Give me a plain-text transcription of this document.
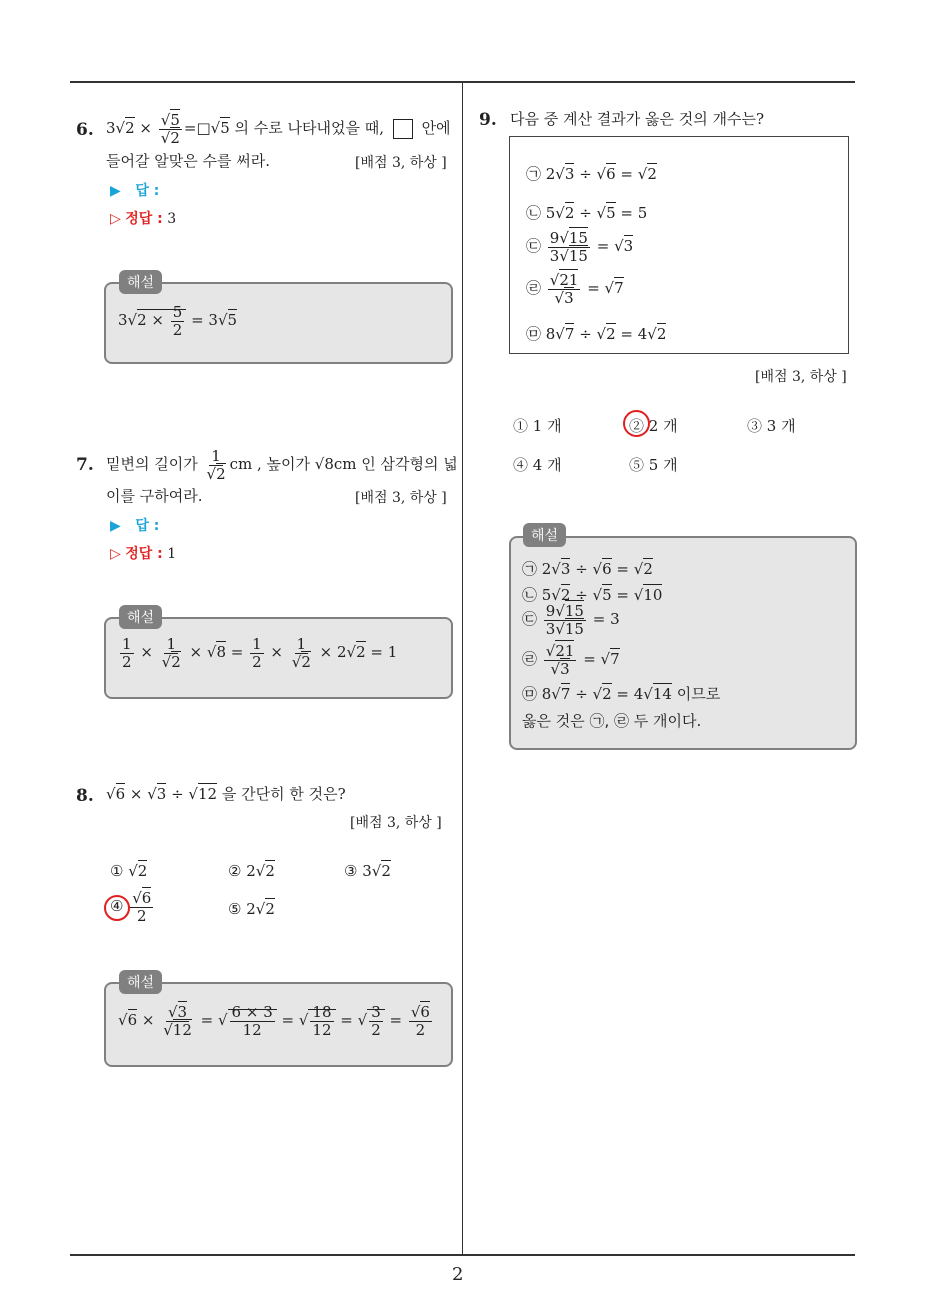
2
6. $3√2 \times \frac{√5}{√2}$ =□√5 의 수로 나타내었을 때,	안에
들어갈 알맞은 수를 써라.	[배점 3, 하상 ]
▶   답 :
▷ 정답 : 3
해설
$3√2 \times \frac{5}{2} = 3√5$
7. 밑변의 길이가 $\frac{1}{√2}$ cm , 높이가 √8cm 인 삼각형의 넓
이를 구하여라.	[배점 3, 하상 ]
▶   답 :
▷ 정답 : 1
해설
$\frac{1}{2} \times \frac{1}{√2} \times √8 = \frac{1}{2} \times \frac{1}{√2} \times 2√2 = 1$
8. √6 × √3 ÷ √12 을 간단히 한 것은?
[배점 3, 하상 ]
① √2	② 2√2	③ 3√2
④ $\frac{√6}{2}$	⑤ 2√2
해설
$√6 \times \frac{√3}{√12}$ = √ $\frac{6 \times 3}{12}$ = √ $\frac{18}{12}$ = √ $\frac{3}{2} = \frac{√6}{2}$
9. 다음 중 계산 결과가 옳은 것의 개수는?
㉠ 2√3 ÷ √6 = √2
㉡ 5√2 ÷ √5 = 5
㉢ $\frac{9√15}{3√15} = √3$
㉣ $\frac{√21}{√3} = √7$
㉤ 8√7 ÷ √2 = 4√2
[배점 3, 하상 ]
① 1 개	② 2 개	③ 3 개
④ 4 개	⑤ 5 개
해설
㉠ 2√3 ÷ √6 = √2
㉡ 5√2 ÷ √5 = √10
㉢ $\frac{9√15}{3√15} = 3$
㉣ $\frac{√21}{√3} = √7$
㉤ 8√7 ÷ √2 = 4√14 이므로
옳은 것은 ㉠, ㉣ 두 개이다.
